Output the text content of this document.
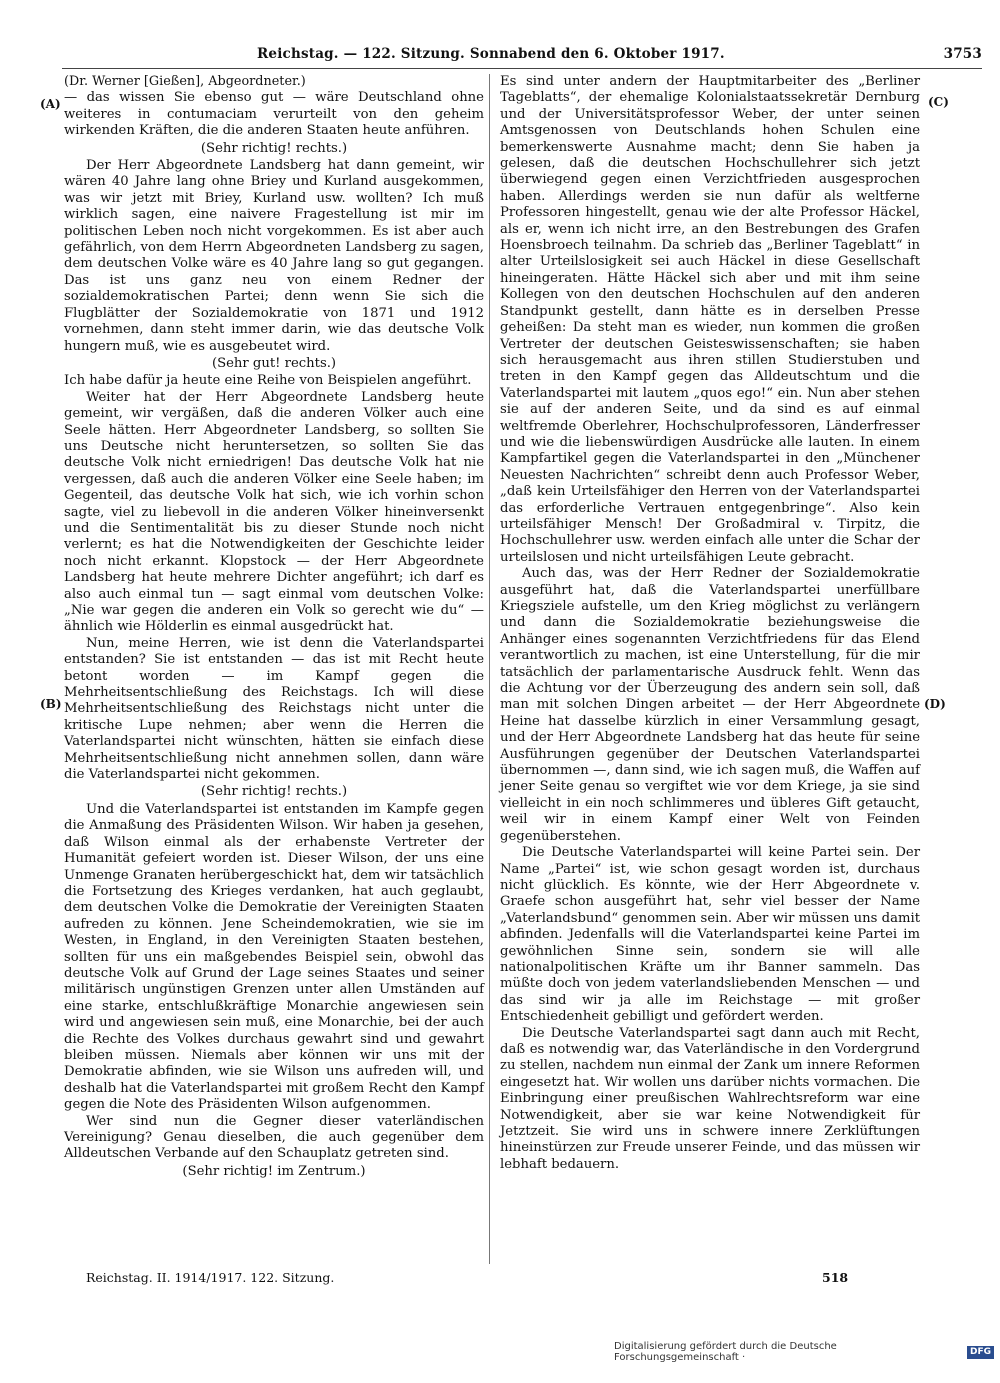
Reichstag. — 122. Sitzung. Sonnabend den 6. Oktober 1917.	3753
(A)
(B)
(C)
(D)

(Dr. Werner [Gießen], Abgeordneter.)

— das wissen Sie ebenso gut — wäre Deutschland ohne weiteres in contumaciam verurteilt von den geheim wirkenden Kräften, die die anderen Staaten heute anführen.

(Sehr richtig! rechts.)

Der Herr Abgeordnete Landsberg hat dann gemeint, wir wären 40 Jahre lang ohne Briey und Kurland ausgekommen, was wir jetzt mit Briey, Kurland usw. wollten? Ich muß wirklich sagen, eine naivere Fragestellung ist mir im politischen Leben noch nicht vorgekommen. Es ist aber auch gefährlich, von dem Herrn Abgeordneten Landsberg zu sagen, dem deutschen Volke wäre es 40 Jahre lang so gut gegangen. Das ist uns ganz neu von einem Redner der sozialdemokratischen Partei; denn wenn Sie sich die Flugblätter der Sozialdemokratie von 1871 und 1912 vornehmen, dann steht immer darin, wie das deutsche Volk hungern muß, wie es ausgebeutet wird.

(Sehr gut! rechts.)

Ich habe dafür ja heute eine Reihe von Beispielen angeführt.

Weiter hat der Herr Abgeordnete Landsberg heute gemeint, wir vergäßen, daß die anderen Völker auch eine Seele hätten. Herr Abgeordneter Landsberg, so sollten Sie uns Deutsche nicht heruntersetzen, so sollten Sie das deutsche Volk nicht erniedrigen! Das deutsche Volk hat nie vergessen, daß auch die anderen Völker eine Seele haben; im Gegenteil, das deutsche Volk hat sich, wie ich vorhin schon sagte, viel zu liebevoll in die anderen Völker hineinversenkt und die Sentimentalität bis zu dieser Stunde noch nicht verlernt; es hat die Notwendigkeiten der Geschichte leider noch nicht erkannt. Klopstock — der Herr Abgeordnete Landsberg hat heute mehrere Dichter angeführt; ich darf es also auch einmal tun — sagt einmal vom deutschen Volke: „Nie war gegen die anderen ein Volk so gerecht wie du“ — ähnlich wie Hölderlin es einmal ausgedrückt hat.

Nun, meine Herren, wie ist denn die Vaterlandspartei entstanden? Sie ist entstanden — das ist mit Recht heute betont worden — im Kampf gegen die Mehrheitsentschließung des Reichstags. Ich will diese Mehrheitsentschließung des Reichstags nicht unter die kritische Lupe nehmen; aber wenn die Herren die Vaterlandspartei nicht wünschten, hätten sie einfach diese Mehrheitsentschließung nicht annehmen sollen, dann wäre die Vaterlandspartei nicht gekommen.

(Sehr richtig! rechts.)

Und die Vaterlandspartei ist entstanden im Kampfe gegen die Anmaßung des Präsidenten Wilson. Wir haben ja gesehen, daß Wilson einmal als der erhabenste Vertreter der Humanität gefeiert worden ist. Dieser Wilson, der uns eine Unmenge Granaten herübergeschickt hat, dem wir tatsächlich die Fortsetzung des Krieges verdanken, hat auch geglaubt, dem deutschen Volke die Demokratie der Vereinigten Staaten aufreden zu können. Jene Scheindemokratien, wie sie im Westen, in England, in den Vereinigten Staaten bestehen, sollten für uns ein maßgebendes Beispiel sein, obwohl das deutsche Volk auf Grund der Lage seines Staates und seiner militärisch ungünstigen Grenzen unter allen Umständen auf eine starke, entschlußkräftige Monarchie angewiesen sein wird und angewiesen sein muß, eine Monarchie, bei der auch die Rechte des Volkes durchaus gewahrt sind und gewahrt bleiben müssen. Niemals aber können wir uns mit der Demokratie abfinden, wie sie Wilson uns aufreden will, und deshalb hat die Vaterlandspartei mit großem Recht den Kampf gegen die Note des Präsidenten Wilson aufgenommen.

Wer sind nun die Gegner dieser vaterländischen Vereinigung? Genau dieselben, die auch gegenüber dem Alldeutschen Verbande auf den Schauplatz getreten sind.

(Sehr richtig! im Zentrum.)

Es sind unter andern der Hauptmitarbeiter des „Berliner Tageblatts“, der ehemalige Kolonialstaatssekretär Dernburg und der Universitätsprofessor Weber, der unter seinen Amtsgenossen von Deutschlands hohen Schulen eine bemerkenswerte Ausnahme macht; denn Sie haben ja gelesen, daß die deutschen Hochschullehrer sich jetzt überwiegend gegen einen Verzichtfrieden ausgesprochen haben. Allerdings werden sie nun dafür als weltferne Professoren hingestellt, genau wie der alte Professor Häckel, als er, wenn ich nicht irre, an den Bestrebungen des Grafen Hoensbroech teilnahm. Da schrieb das „Berliner Tageblatt“ in alter Urteilslosigkeit sei auch Häckel in diese Gesellschaft hineingeraten. Hätte Häckel sich aber und mit ihm seine Kollegen von den deutschen Hochschulen auf den anderen Standpunkt gestellt, dann hätte es in derselben Presse geheißen: Da steht man es wieder, nun kommen die großen Vertreter der deutschen Geisteswissenschaften; sie haben sich herausgemacht aus ihren stillen Studierstuben und treten in den Kampf gegen das Alldeutschtum und die Vaterlandspartei mit lautem „quos ego!“ ein. Nun aber stehen sie auf der anderen Seite, und da sind es auf einmal weltfremde Oberlehrer, Hochschulprofessoren, Länderfresser und wie die liebenswürdigen Ausdrücke alle lauten. In einem Kampfartikel gegen die Vaterlandspartei in den „Münchener Neuesten Nachrichten“ schreibt denn auch Professor Weber, „daß kein Urteilsfähiger den Herren von der Vaterlandspartei das erforderliche Vertrauen entgegenbringe“. Also kein urteilsfähiger Mensch! Der Großadmiral v. Tirpitz, die Hochschullehrer usw. werden einfach alle unter die Schar der urteilslosen und nicht urteilsfähigen Leute gebracht.

Auch das, was der Herr Redner der Sozialdemokratie ausgeführt hat, daß die Vaterlandspartei unerfüllbare Kriegsziele aufstelle, um den Krieg möglichst zu verlängern und dann die Sozialdemokratie beziehungsweise die Anhänger eines sogenannten Verzichtfriedens für das Elend verantwortlich zu machen, ist eine Unterstellung, für die mir tatsächlich der parlamentarische Ausdruck fehlt. Wenn das die Achtung vor der Überzeugung des andern sein soll, daß man mit solchen Dingen arbeitet — der Herr Abgeordnete Heine hat dasselbe kürzlich in einer Versammlung gesagt, und der Herr Abgeordnete Landsberg hat das heute für seine Ausführungen gegenüber der Deutschen Vaterlandspartei übernommen —, dann sind, wie ich sagen muß, die Waffen auf jener Seite genau so vergiftet wie vor dem Kriege, ja sie sind vielleicht in ein noch schlimmeres und übleres Gift getaucht, weil wir in einem Kampf einer Welt von Feinden gegenüberstehen.

Die Deutsche Vaterlandspartei will keine Partei sein. Der Name „Partei“ ist, wie schon gesagt worden ist, durchaus nicht glücklich. Es könnte, wie der Herr Abgeordnete v. Graefe schon ausgeführt hat, sehr viel besser der Name „Vaterlandsbund“ genommen sein. Aber wir müssen uns damit abfinden. Jedenfalls will die Vaterlandspartei keine Partei im gewöhnlichen Sinne sein, sondern sie will alle nationalpolitischen Kräfte um ihr Banner sammeln. Das müßte doch von jedem vaterlandsliebenden Menschen — und das sind wir ja alle im Reichstage — mit großer Entschiedenheit gebilligt und gefördert werden.

Die Deutsche Vaterlandspartei sagt dann auch mit Recht, daß es notwendig war, das Vaterländische in den Vordergrund zu stellen, nachdem nun einmal der Zank um innere Reformen eingesetzt hat. Wir wollen uns darüber nichts vormachen. Die Einbringung einer preußischen Wahlrechtsreform war eine Notwendigkeit, aber sie war keine Notwendigkeit für Jetztzeit. Sie wird uns in schwere innere Zerklüftungen hineinstürzen zur Freude unserer Feinde, und das müssen wir lebhaft bedauern.

Reichstag. II. 1914/1917. 122. Sitzung.	518
Digitalisierung gefördert durch die Deutsche Forschungsgemeinschaft ·
DFG
